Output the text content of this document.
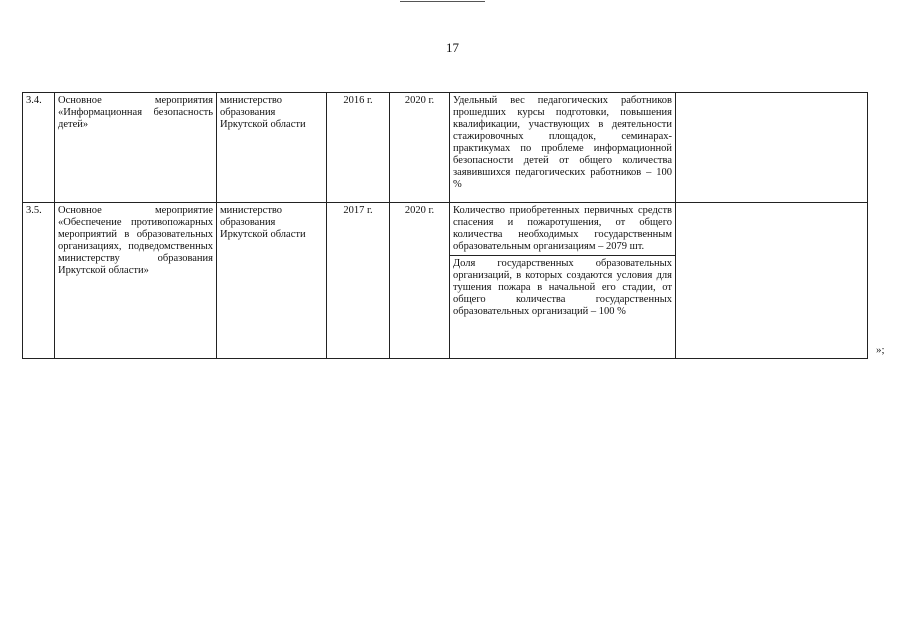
17
3.4.	Основное мероприятия «Информационная безопасность детей»	министерство образования Иркутской области	2016 г.	2020 г.	Удельный вес педагогических работников прошедших курсы подготовки, повышения квалификации, участвующих в деятельности стажировочных площадок, семинарах-практикумах по проблеме информационной безопасности детей от общего количества заявившихся педагогических работников – 100 %	

3.5.	Основное мероприятие «Обеспечение противопожарных мероприятий в образовательных организациях, подведомственных министерству образования Иркутской области»	министерство образования Иркутской области	2017 г.	2020 г.	Количество приобретенных первичных средств спасения и пожаротушения, от общего количества необходимых государственным образовательным организациям – 2079 шт.
Доля государственных образовательных организаций, в которых создаются условия для тушения пожара в начальной его стадии, от общего количества государственных образовательных организаций – 100 %	

»;
